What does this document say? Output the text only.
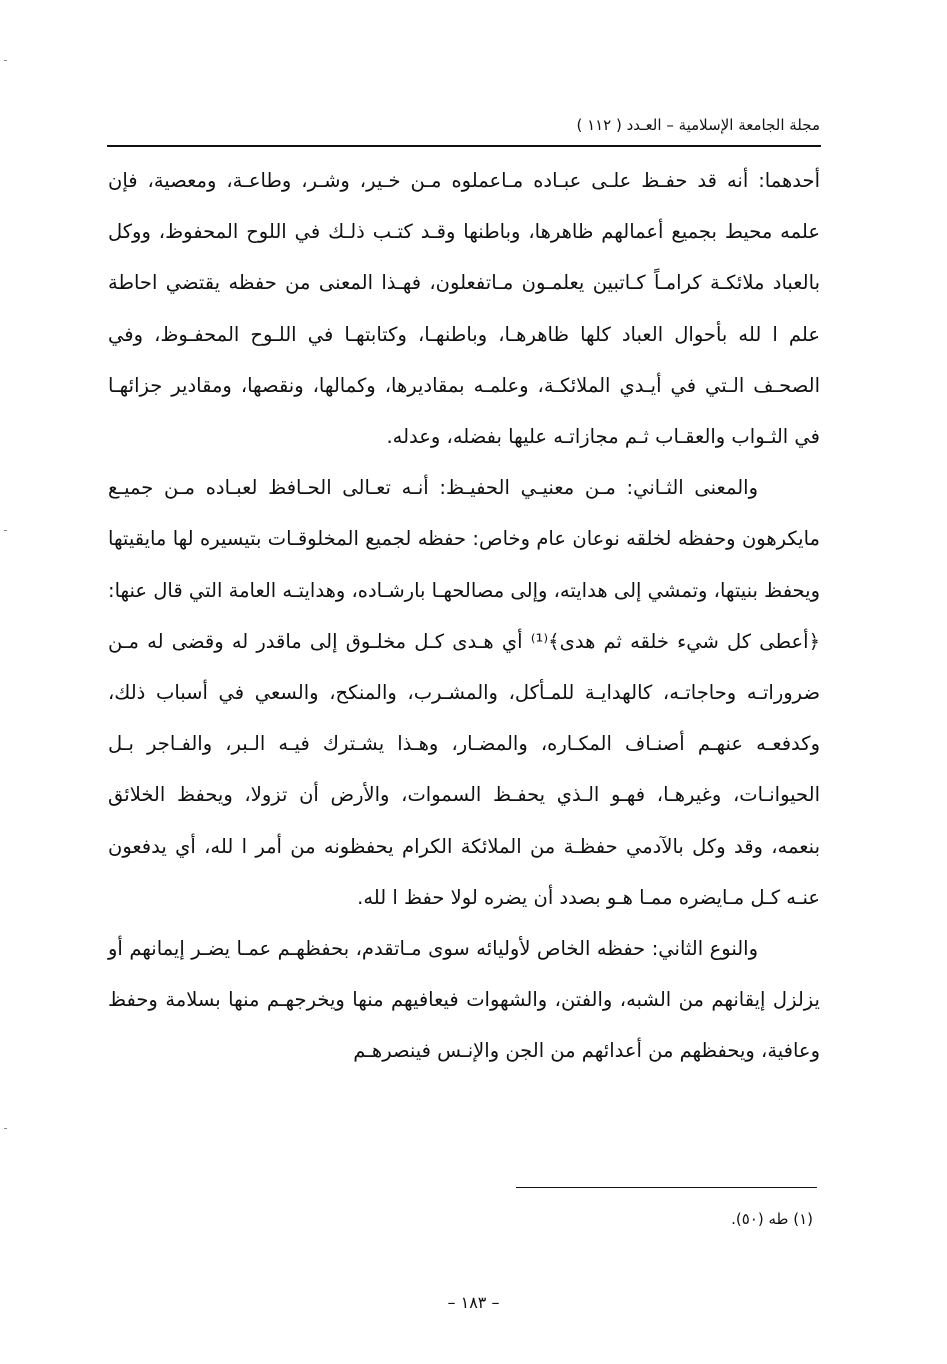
مجلة الجامعة الإسلامية – العـدد ( ١١٢ )

أحدهما: أنه قد حفـظ علـى عبـاده مـاعملوه مـن خـير، وشـر، وطاعـة، ومعصية، فإن علمه محيط بجميع أعمالهم ظاهرها، وباطنها وقـد كتـب ذلـك في اللوح المحفوظ، ووكل بالعباد ملائكـة كرامـاً كـاتبين يعلمـون مـاتفعلون، فهـذا المعنى من حفظه يقتضي احاطة علم ا لله بأحوال العباد كلها ظاهرهـا، وباطنهـا، وكتابتهـا في اللـوح المحفـوظ، وفي الصحـف الـتي في أيـدي الملائكـة، وعلمـه بمقاديرها، وكمالها، ونقصها، ومقادير جزائهـا في الثـواب والعقـاب ثـم مجازاتـه عليها بفضله، وعدله.

والمعنى الثـاني: مـن معنيـي الحفيـظ: أنـه تعـالى الحـافظ لعبـاده مـن جميـع مايكرهون وحفظه لخلقه نوعان عام وخاص: حفظه لجميع المخلوقـات بتيسيره لها مايقيتها ويحفظ بنيتها، وتمشي إلى هدايته، وإلى مصالحهـا بارشـاده، وهدايتـه العامة التي قال عنها: ﴿أعطى كل شيء خلقه ثم هدى﴾⁽¹⁾ أي هـدى كـل مخلـوق إلى ماقدر له وقضى له مـن ضروراتـه وحاجاتـه، كالهدايـة للمـأكل، والمشـرب، والمنكح، والسعي في أسباب ذلك، وكدفعـه عنهـم أصنـاف المكـاره، والمضـار، وهـذا يشـترك فيـه الـبر، والفـاجر بـل الحيوانـات، وغيرهـا، فهـو الـذي يحفـظ السموات، والأرض أن تزولا، ويحفظ الخلائق بنعمه، وقد وكل بالآدمي حفظـة من الملائكة الكرام يحفظونه من أمر ا لله، أي يدفعون عنـه كـل مـايضره ممـا هـو بصدد أن يضره لولا حفظ ا لله.

والنوع الثاني: حفظه الخاص لأوليائه سوى مـاتقدم، بحفظهـم عمـا يضـر إيمانهم أو يزلزل إيقانهم من الشبه، والفتن، والشهوات فيعافيهم منها ويخرجهـم منها بسلامة وحفظ وعافية، ويحفظهم من أعدائهم من الجن والإنـس فينصرهـم

(١) طه (٥٠).
– ١٨٣ –
